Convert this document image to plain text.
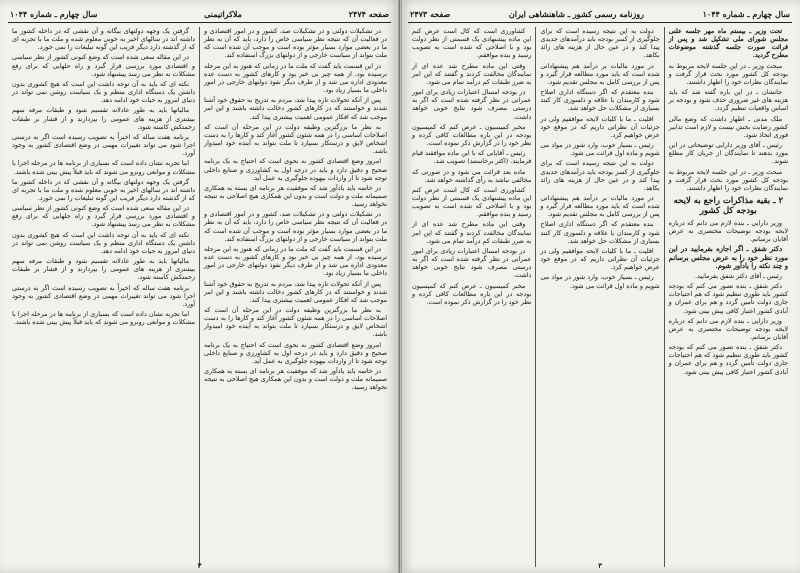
صفحه ۲۴۷۴
ملاکراتیمنی
سال چهارم ـ شماره ۱۰۴۴

در تشکیلات دولتی و در تشکیلات صد، کشور و در امور اقتصادی و در فعالیت آن که نتیجه نظر سیاسی خاص را دارد، باید که آن به نظر ما در بعضی موارد بسیار مؤثر بوده است و موجب آن شده است که ملت بتواند از سیاست خارجی و از دولتهای بزرگ استفاده کند.

در این قسمت باید گفت که ملت ما در زمانی که هنوز به این مرحله نرسیده بود، از همه چیز بی خبر بود و کارهای کشور به دست عده معدودی اداره می شد و از طرف دیگر نفوذ دولتهای خارجی در امور داخلی ما بسیار زیاد بود.

پس از آنکه تحولات تازه پیدا شد، مردم به تدریج به حقوق خود آشنا شدند و خواستند که در کارهای کشور دخالت داشته باشند و این امر موجب شد که افکار عمومی اهمیت بیشتری پیدا کند.

به نظر ما بزرگترین وظیفه دولت در این مرحله آن است که اصلاحات اساسی را در همه شئون کشور آغاز کند و کارها را به دست اشخاص لایق و درستکار بسپارد تا ملت بتواند به آینده خود امیدوار باشد.

امروز وضع اقتصادی کشور به نحوی است که احتیاج به یک برنامه صحیح و دقیق دارد و باید در درجه اول به کشاورزی و صنایع داخلی توجه شود تا از واردات بیهوده جلوگیری به عمل آید.

در خاتمه باید یادآور شد که موفقیت هر برنامه ای بسته به همکاری صمیمانه ملت و دولت است و بدون این همکاری هیچ اصلاحی به نتیجه نخواهد رسید.

در تشکیلات دولتی و در تشکیلات صد، کشور و در امور اقتصادی و در فعالیت آن که نتیجه نظر سیاسی خاص را دارد، باید که آن به نظر ما در بعضی موارد بسیار مؤثر بوده است و موجب آن شده است که ملت بتواند از سیاست خارجی و از دولتهای بزرگ استفاده کند.

در این قسمت باید گفت که ملت ما در زمانی که هنوز به این مرحله نرسیده بود، از همه چیز بی خبر بود و کارهای کشور به دست عده معدودی اداره می شد و از طرف دیگر نفوذ دولتهای خارجی در امور داخلی ما بسیار زیاد بود.

پس از آنکه تحولات تازه پیدا شد، مردم به تدریج به حقوق خود آشنا شدند و خواستند که در کارهای کشور دخالت داشته باشند و این امر موجب شد که افکار عمومی اهمیت بیشتری پیدا کند.

به نظر ما بزرگترین وظیفه دولت در این مرحله آن است که اصلاحات اساسی را در همه شئون کشور آغاز کند و کارها را به دست اشخاص لایق و درستکار بسپارد تا ملت بتواند به آینده خود امیدوار باشد.

امروز وضع اقتصادی کشور به نحوی است که احتیاج به یک برنامه صحیح و دقیق دارد و باید در درجه اول به کشاورزی و صنایع داخلی توجه شود تا از واردات بیهوده جلوگیری به عمل آید.

در خاتمه باید یادآور شد که موفقیت هر برنامه ای بسته به همکاری صمیمانه ملت و دولت است و بدون این همکاری هیچ اصلاحی به نتیجه نخواهد رسید.

گرفتن یک وجهه دولتهای بیگانه و آن نقشی که در داخله کشور ما داشته اند در سالهای اخیر به خوبی معلوم شده و ملت ما با تجربه ای که از گذشته دارد دیگر فریب این گونه تبلیغات را نمی خورد.

در این مقاله سعی شده است که وضع کنونی کشور از نظر سیاسی و اقتصادی مورد بررسی قرار گیرد و راه حلهایی که برای رفع مشکلات به نظر می رسد پیشنهاد شود.

نکته ای که باید به آن توجه داشت این است که هیچ کشوری بدون داشتن یک دستگاه اداری منظم و یک سیاست روشن نمی تواند در دنیای امروز به حیات خود ادامه دهد.

مالیاتها باید به طور عادلانه تقسیم شود و طبقات مرفه سهم بیشتری از هزینه های عمومی را بپردازند و از فشار بر طبقات زحمتکش کاسته شود.

برنامه هفت ساله که اخیراً به تصویب رسیده است اگر به درستی اجرا شود می تواند تغییرات مهمی در وضع اقتصادی کشور به وجود آورد.

اما تجربه نشان داده است که بسیاری از برنامه ها در مرحله اجرا با مشکلات و موانعی روبرو می شوند که باید قبلاً پیش بینی شده باشند.

گرفتن یک وجهه دولتهای بیگانه و آن نقشی که در داخله کشور ما داشته اند در سالهای اخیر به خوبی معلوم شده و ملت ما با تجربه ای که از گذشته دارد دیگر فریب این گونه تبلیغات را نمی خورد.

در این مقاله سعی شده است که وضع کنونی کشور از نظر سیاسی و اقتصادی مورد بررسی قرار گیرد و راه حلهایی که برای رفع مشکلات به نظر می رسد پیشنهاد شود.

نکته ای که باید به آن توجه داشت این است که هیچ کشوری بدون داشتن یک دستگاه اداری منظم و یک سیاست روشن نمی تواند در دنیای امروز به حیات خود ادامه دهد.

مالیاتها باید به طور عادلانه تقسیم شود و طبقات مرفه سهم بیشتری از هزینه های عمومی را بپردازند و از فشار بر طبقات زحمتکش کاسته شود.

برنامه هفت ساله که اخیراً به تصویب رسیده است اگر به درستی اجرا شود می تواند تغییرات مهمی در وضع اقتصادی کشور به وجود آورد.

اما تجربه نشان داده است که بسیاری از برنامه ها در مرحله اجرا با مشکلات و موانعی روبرو می شوند که باید قبلاً پیش بینی شده باشند.

۳
سال چهارم ـ شماره ۱۰۴۴
روزنامه رسمی کشور ـ شاهنشاهی ایران
صفحه ۲۴۷۳

تحت وزیر ـ بیستم ماه مهر جلسه علنی مجلس شورای ملی تشکیل شد و پس از قرائت صورت جلسه گذشته موضوعات مطرح گردید.

مبحث وزیر ـ در این جلسه لایحه مربوط به بودجه کل کشور مورد بحث قرار گرفت و نمایندگان نظرات خود را اظهار داشتند.

جانشان ـ در این باره گفته شد که باید هزینه های غیر ضروری حذف شود و بودجه بر اساس واقعیات تنظیم گردد.

ملک مدنی ـ اظهار داشت که وضع مالی کشور رضایت بخش نیست و لازم است تدابیر فوری اتخاذ شود.

رئیس ـ آقای وزیر دارایی توضیحاتی در این مورد بدهند تا نمایندگان از جریان کار مطلع شوند.

مبحث وزیر ـ در این جلسه لایحه مربوط به بودجه کل کشور مورد بحث قرار گرفت و نمایندگان نظرات خود را اظهار داشتند.

۲ ـ بقیه مذاکرات راجع به لایحه بودجه کل کشور

وزیر دارایی ـ بنده لازم می دانم که درباره لایحه بودجه توضیحات مختصری به عرض آقایان برسانم.

دکتر شفق ـ اگر اجازه بفرمایید در این مورد نظر خود را به عرض مجلس برسانم و چند نکته را یادآور شوم.

رئیس ـ آقای دکتر شفق بفرمایید.

دکتر شفق ـ بنده تصور می کنم که بودجه کشور باید طوری تنظیم شود که هم احتیاجات جاری دولت تأمین گردد و هم برای عمران و آبادی کشور اعتبار کافی پیش بینی شود.

وزیر دارایی ـ بنده لازم می دانم که درباره لایحه بودجه توضیحات مختصری به عرض آقایان برسانم.

دکتر شفق ـ بنده تصور می کنم که بودجه کشور باید طوری تنظیم شود که هم احتیاجات جاری دولت تأمین گردد و هم برای عمران و آبادی کشور اعتبار کافی پیش بینی شود.

دولت به این نتیجه رسیده است که برای جلوگیری از کسر بودجه باید درآمدهای جدیدی پیدا کند و در عین حال از هزینه های زائد بکاهد.

در مورد مالیات بر درآمد هم پیشنهاداتی شده است که باید مورد مطالعه قرار گیرد و پس از بررسی کامل به مجلس تقدیم شود.

بنده معتقدم که اگر دستگاه اداری اصلاح شود و کارمندان با علاقه و دلسوزی کار کنند بسیاری از مشکلات حل خواهد شد.

اقلیت ـ ما با کلیات لایحه موافقیم ولی در جزئیات آن نظراتی داریم که در موقع خود عرض خواهیم کرد.

رئیس ـ بسیار خوب، وارد شور در مواد می شویم و ماده اول قرائت می شود.

دولت به این نتیجه رسیده است که برای جلوگیری از کسر بودجه باید درآمدهای جدیدی پیدا کند و در عین حال از هزینه های زائد بکاهد.

در مورد مالیات بر درآمد هم پیشنهاداتی شده است که باید مورد مطالعه قرار گیرد و پس از بررسی کامل به مجلس تقدیم شود.

بنده معتقدم که اگر دستگاه اداری اصلاح شود و کارمندان با علاقه و دلسوزی کار کنند بسیاری از مشکلات حل خواهد شد.

اقلیت ـ ما با کلیات لایحه موافقیم ولی در جزئیات آن نظراتی داریم که در موقع خود عرض خواهیم کرد.

رئیس ـ بسیار خوب، وارد شور در مواد می شویم و ماده اول قرائت می شود.

کشاورزی است که کال است عرض کنم این ماده پیشنهادی یک قسمتی از نظر دولت بود و با اصلاحی که شده است به تصویب رسید و بنده موافقم.

وقتی این ماده مطرح شد عده ای از نمایندگان مخالفت کردند و گفتند که این امر به ضرر طبقات کم درآمد تمام می شود.

در بودجه امسال اعتبارات زیادی برای امور عمرانی در نظر گرفته شده است که اگر به درستی مصرف شود نتایج خوبی خواهد داشت.

مخبر کمیسیون ـ عرض کنم که کمیسیون بودجه در این باره مطالعات کافی کرده و نظر خود را در گزارش ذکر نموده است.

رئیس ـ آقایانی که با این ماده موافقند قیام فرمایند. (اکثر برخاستند) تصویب شد.

ماده بعد قرائت می شود و در صورتی که مخالفی نباشد به رأی گذاشته خواهد شد.

کشاورزی است که کال است عرض کنم این ماده پیشنهادی یک قسمتی از نظر دولت بود و با اصلاحی که شده است به تصویب رسید و بنده موافقم.

وقتی این ماده مطرح شد عده ای از نمایندگان مخالفت کردند و گفتند که این امر به ضرر طبقات کم درآمد تمام می شود.

در بودجه امسال اعتبارات زیادی برای امور عمرانی در نظر گرفته شده است که اگر به درستی مصرف شود نتایج خوبی خواهد داشت.

مخبر کمیسیون ـ عرض کنم که کمیسیون بودجه در این باره مطالعات کافی کرده و نظر خود را در گزارش ذکر نموده است.

۳
